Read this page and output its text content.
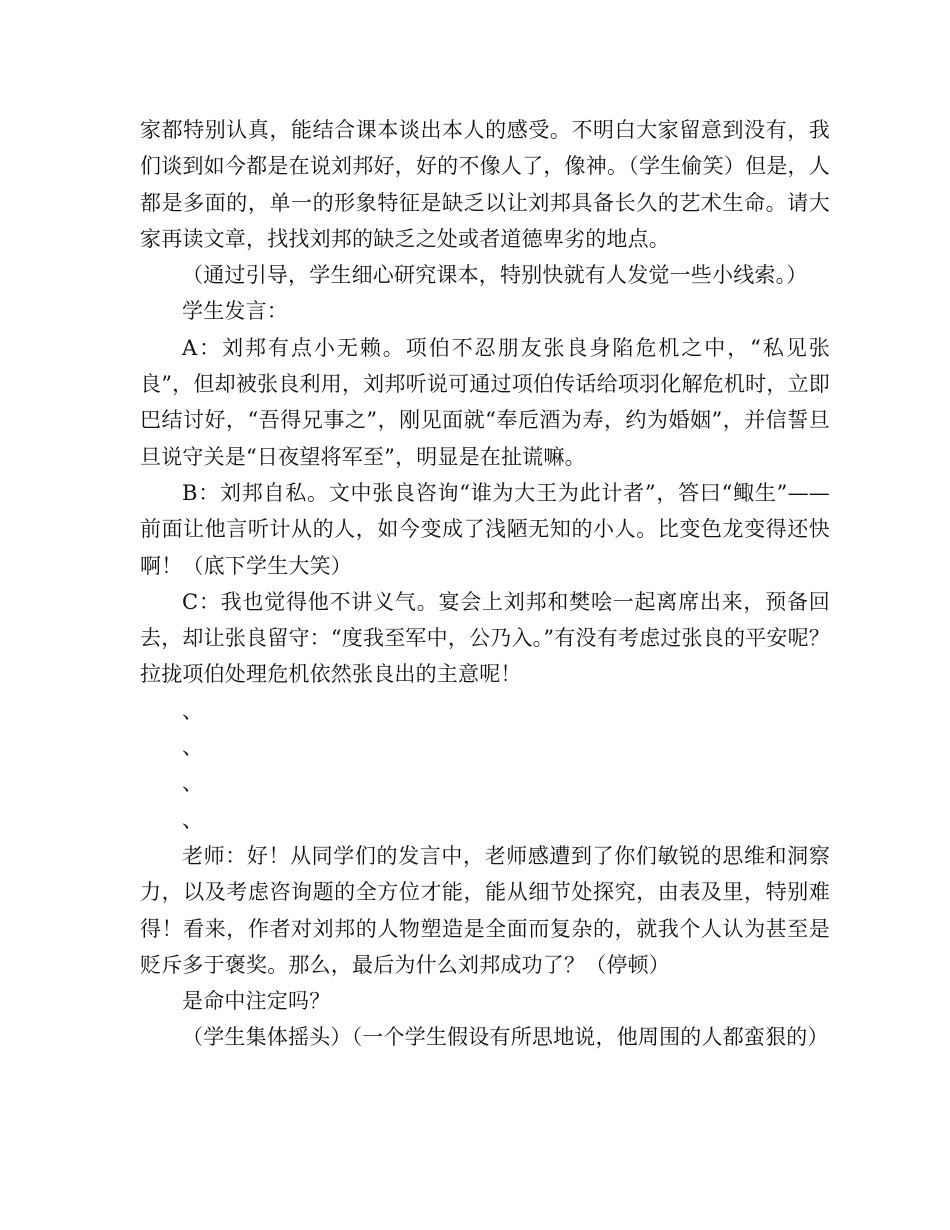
家都特别认真，能结合课本谈出本人的感受。不明白大家留意到没有，我们谈到如今都是在说刘邦好，好的不像人了，像神。（学生偷笑）但是，人都是多面的，单一的形象特征是缺乏以让刘邦具备长久的艺术生命。请大家再读文章，找找刘邦的缺乏之处或者道德卑劣的地点。

（通过引导，学生细心研究课本，特别快就有人发觉一些小线索。）

学生发言：

A：刘邦有点小无赖。项伯不忍朋友张良身陷危机之中，“私见张良”，但却被张良利用，刘邦听说可通过项伯传话给项羽化解危机时，立即巴结讨好，“吾得兄事之”，刚见面就“奉卮酒为寿，约为婚姻”，并信誓旦旦说守关是“日夜望将军至”，明显是在扯谎嘛。

B：刘邦自私。文中张良咨询“谁为大王为此计者”，答曰“鲰生”——前面让他言听计从的人，如今变成了浅陋无知的小人。比变色龙变得还快啊！（底下学生大笑）

C：我也觉得他不讲义气。宴会上刘邦和樊哙一起离席出来，预备回去，却让张良留守：“度我至军中，公乃入。”有没有考虑过张良的平安呢？拉拢项伯处理危机依然张良出的主意呢！

、

、

、

、

老师：好！从同学们的发言中，老师感遭到了你们敏锐的思维和洞察力，以及考虑咨询题的全方位才能，能从细节处探究，由表及里，特别难得！看来，作者对刘邦的人物塑造是全面而复杂的，就我个人认为甚至是贬斥多于褒奖。那么，最后为什么刘邦成功了？（停顿）

是命中注定吗？

（学生集体摇头）（一个学生假设有所思地说，他周围的人都蛮狠的）
